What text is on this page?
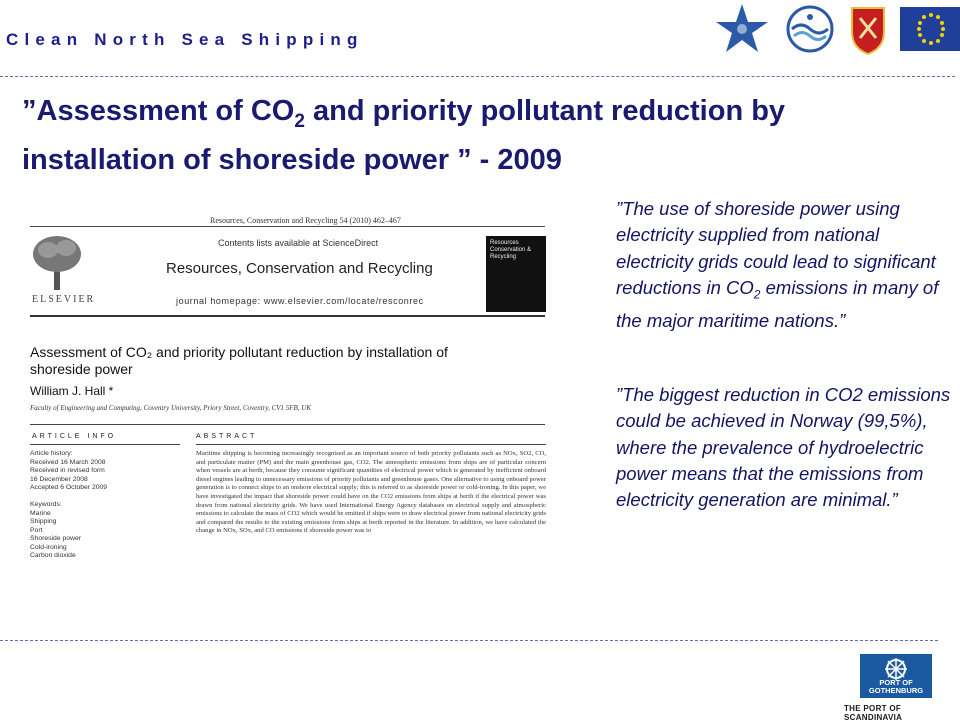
Clean North Sea Shipping
”Assessment of $CO_2$ and priority pollutant reduction by installation of shoreside power ” - 2009
Resources, Conservation and Recycling 54 (2010) 462–467
ELSEVIER
Contents lists available at ScienceDirect
Resources, Conservation and Recycling
journal homepage: www.elsevier.com/locate/resconrec
Resources Conservation & Recycling
Assessment of CO₂ and priority pollutant reduction by installation of shoreside power
William J. Hall *
Faculty of Engineering and Computing, Coventry University, Priory Street, Coventry, CV1 5FB, UK
ARTICLE INFO	ABSTRACT
Article history:
Received 16 March 2008
Received in revised form
16 December 2008
Accepted 6 October 2009

Keywords:
Marine
Shipping
Port
Shoreside power
Cold-ironing
Carbon dioxide
Maritime shipping is becoming increasingly recognised as an important source of both priority pollutants such as NOx, SO2, CO, and particulate matter (PM) and the main greenhouse gas, CO2. The atmospheric emissions from ships are of particular concern when vessels are at berth, because they consume significant quantities of electrical power which is generated by inefficient onboard diesel engines leading to unnecessary emissions of priority pollutants and greenhouse gases. One alternative to using onboard power generation is to connect ships to an onshore electrical supply; this is referred to as shoreside power or cold-ironing. In this paper, we have investigated the impact that shoreside power could have on the CO2 emissions from ships at berth if the electrical power was drawn from national electricity grids. We have used International Energy Agency databases on electrical supply and atmospheric emissions to calculate the mass of CO2 which would be emitted if ships were to draw electrical power from national electricity grids and compared the results to the existing emissions from ships at berth reported in the literature. In addition, we have calculated the change in NOx, SOx, and CO emissions if shoreside power was to
”The use of shoreside power using electricity supplied from national electricity grids could lead to significant reductions in $CO_2$ emissions in many of the major maritime nations.”
”The biggest reduction in CO2 emissions could be achieved in Norway (99,5%), where the prevalence of hydroelectric power means that the emissions from electricity generation are minimal.”
PORT OF GOTHENBURG
THE PORT OF SCANDINAVIA
